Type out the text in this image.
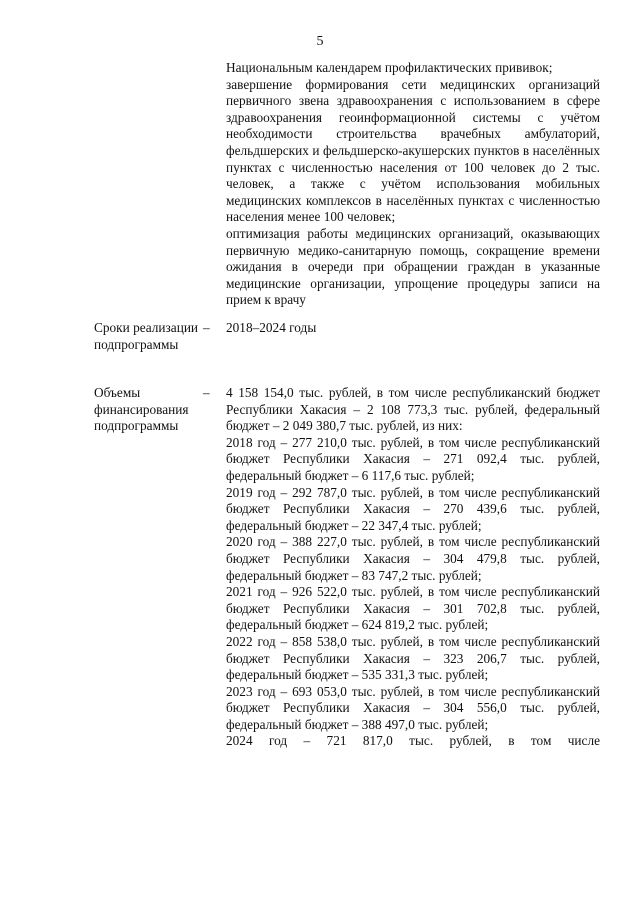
5

Национальным календарем профилактических прививок;

завершение формирования сети медицинских организаций первичного звена здравоохранения с использованием в сфере здравоохранения геоинформационной системы с учётом необходимости строительства врачебных амбулаторий, фельдшерских и фельдшерско-акушерских пунктов в населённых пунктах с численностью населения от 100 человек до 2 тыс. человек, а также с учётом использования мобильных медицинских комплексов в населённых пунктах с численностью населения менее 100 человек;

оптимизация работы медицинских организаций, оказывающих первичную медико-санитарную помощь, сокращение времени ожидания в очереди при обращении граждан в указанные медицинские организации, упрощение процедуры записи на прием к врачу

Сроки реализации подпрограммы
– 2018–2024 годы
Объемы финансирования подпрограммы
– 4 158 154,0 тыс. рублей, в том числе республиканский бюджет Республики Хакасия – 2 108 773,3 тыс. рублей, федеральный бюджет – 2 049 380,7 тыс. рублей, из них:

2018 год – 277 210,0 тыс. рублей, в том числе республиканский бюджет Республики Хакасия – 271 092,4 тыс. рублей, федеральный бюджет – 6 117,6 тыс. рублей;

2019 год – 292 787,0 тыс. рублей, в том числе республиканский бюджет Республики Хакасия – 270 439,6 тыс. рублей, федеральный бюджет – 22 347,4 тыс. рублей;

2020 год – 388 227,0 тыс. рублей, в том числе республиканский бюджет Республики Хакасия – 304 479,8 тыс. рублей, федеральный бюджет – 83 747,2 тыс. рублей;

2021 год – 926 522,0 тыс. рублей, в том числе республиканский бюджет Республики Хакасия – 301 702,8 тыс. рублей, федеральный бюджет – 624 819,2 тыс. рублей;

2022 год – 858 538,0 тыс. рублей, в том числе республиканский бюджет Республики Хакасия – 323 206,7 тыс. рублей, федеральный бюджет – 535 331,3 тыс. рублей;

2023 год – 693 053,0 тыс. рублей, в том числе республиканский бюджет Республики Хакасия – 304 556,0 тыс. рублей, федеральный бюджет – 388 497,0 тыс. рублей;

2024 год – 721 817,0 тыс. рублей, в том числе
